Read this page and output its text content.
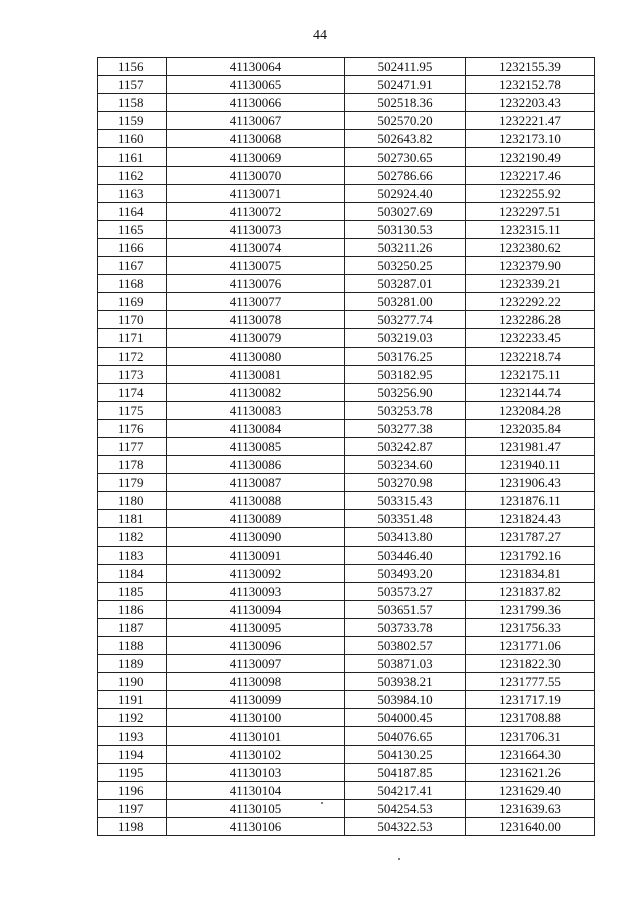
44
1156	41130064	502411.95	1232155.39
1157	41130065	502471.91	1232152.78
1158	41130066	502518.36	1232203.43
1159	41130067	502570.20	1232221.47
1160	41130068	502643.82	1232173.10
1161	41130069	502730.65	1232190.49
1162	41130070	502786.66	1232217.46
1163	41130071	502924.40	1232255.92
1164	41130072	503027.69	1232297.51
1165	41130073	503130.53	1232315.11
1166	41130074	503211.26	1232380.62
1167	41130075	503250.25	1232379.90
1168	41130076	503287.01	1232339.21
1169	41130077	503281.00	1232292.22
1170	41130078	503277.74	1232286.28
1171	41130079	503219.03	1232233.45
1172	41130080	503176.25	1232218.74
1173	41130081	503182.95	1232175.11
1174	41130082	503256.90	1232144.74
1175	41130083	503253.78	1232084.28
1176	41130084	503277.38	1232035.84
1177	41130085	503242.87	1231981.47
1178	41130086	503234.60	1231940.11
1179	41130087	503270.98	1231906.43
1180	41130088	503315.43	1231876.11
1181	41130089	503351.48	1231824.43
1182	41130090	503413.80	1231787.27
1183	41130091	503446.40	1231792.16
1184	41130092	503493.20	1231834.81
1185	41130093	503573.27	1231837.82
1186	41130094	503651.57	1231799.36
1187	41130095	503733.78	1231756.33
1188	41130096	503802.57	1231771.06
1189	41130097	503871.03	1231822.30
1190	41130098	503938.21	1231777.55
1191	41130099	503984.10	1231717.19
1192	41130100	504000.45	1231708.88
1193	41130101	504076.65	1231706.31
1194	41130102	504130.25	1231664.30
1195	41130103	504187.85	1231621.26
1196	41130104	504217.41	1231629.40
1197	41130105	504254.53	1231639.63
1198	41130106	504322.53	1231640.00
